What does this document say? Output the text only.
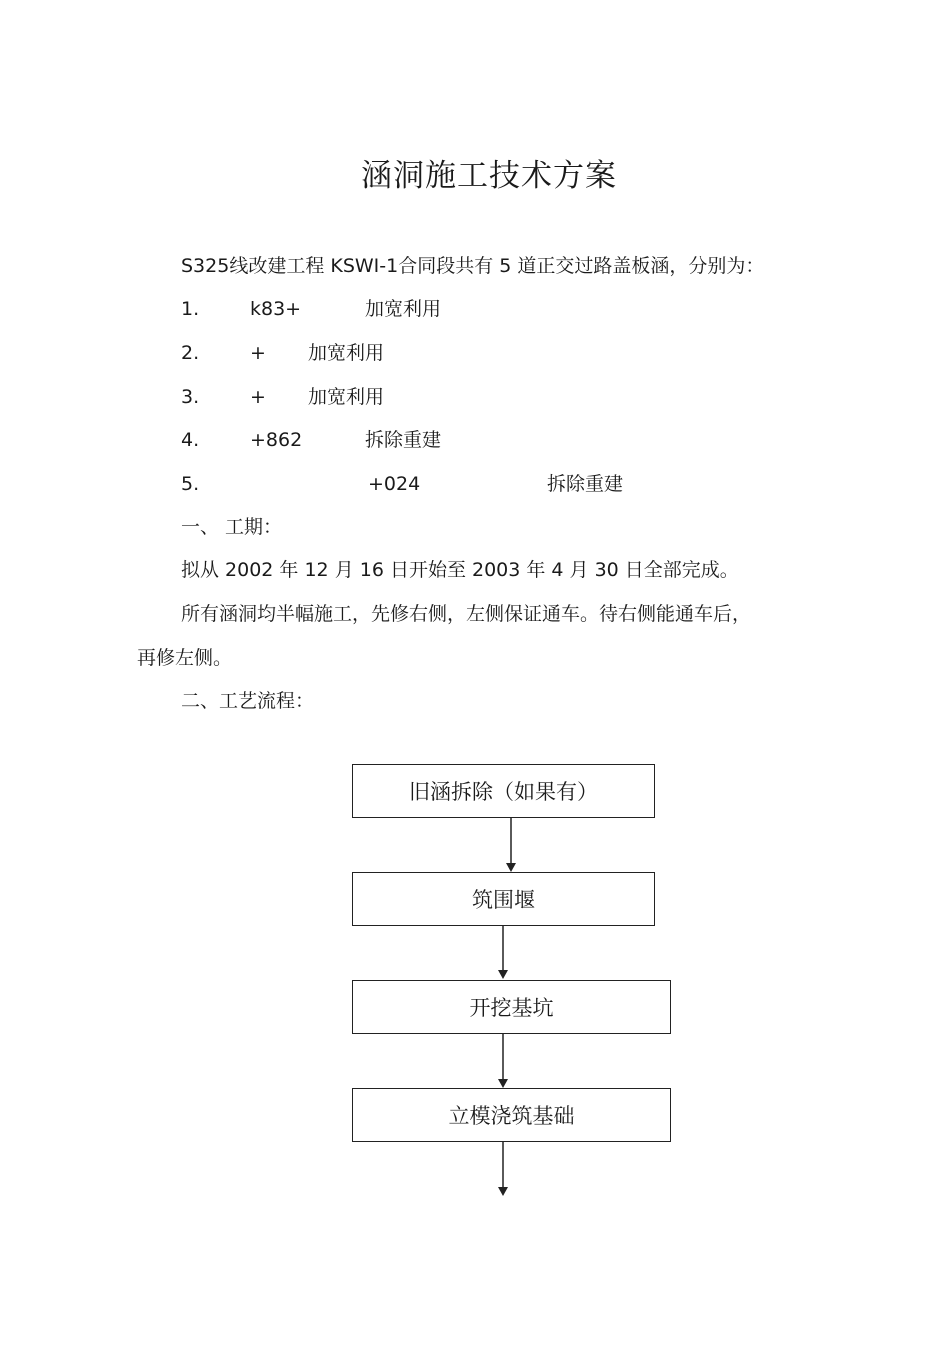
涵洞施工技术方案
S325线改建工程 KSWI-1合同段共有 5 道正交过路盖板涵，分别为：
1.	k83+	加宽利用
2.	+ 加宽利用
3.	+ 加宽利用
4.	+862	拆除重建
5.	+024	拆除重建
一、 工期：
拟从 2002 年 12 月 16 日开始至 2003 年 4 月 30 日全部完成。
所有涵洞均半幅施工，先修右侧，左侧保证通车。待右侧能通车后，
再修左侧。
二、工艺流程：
旧涵拆除（如果有）
筑围堰
开挖基坑
立模浇筑基础
